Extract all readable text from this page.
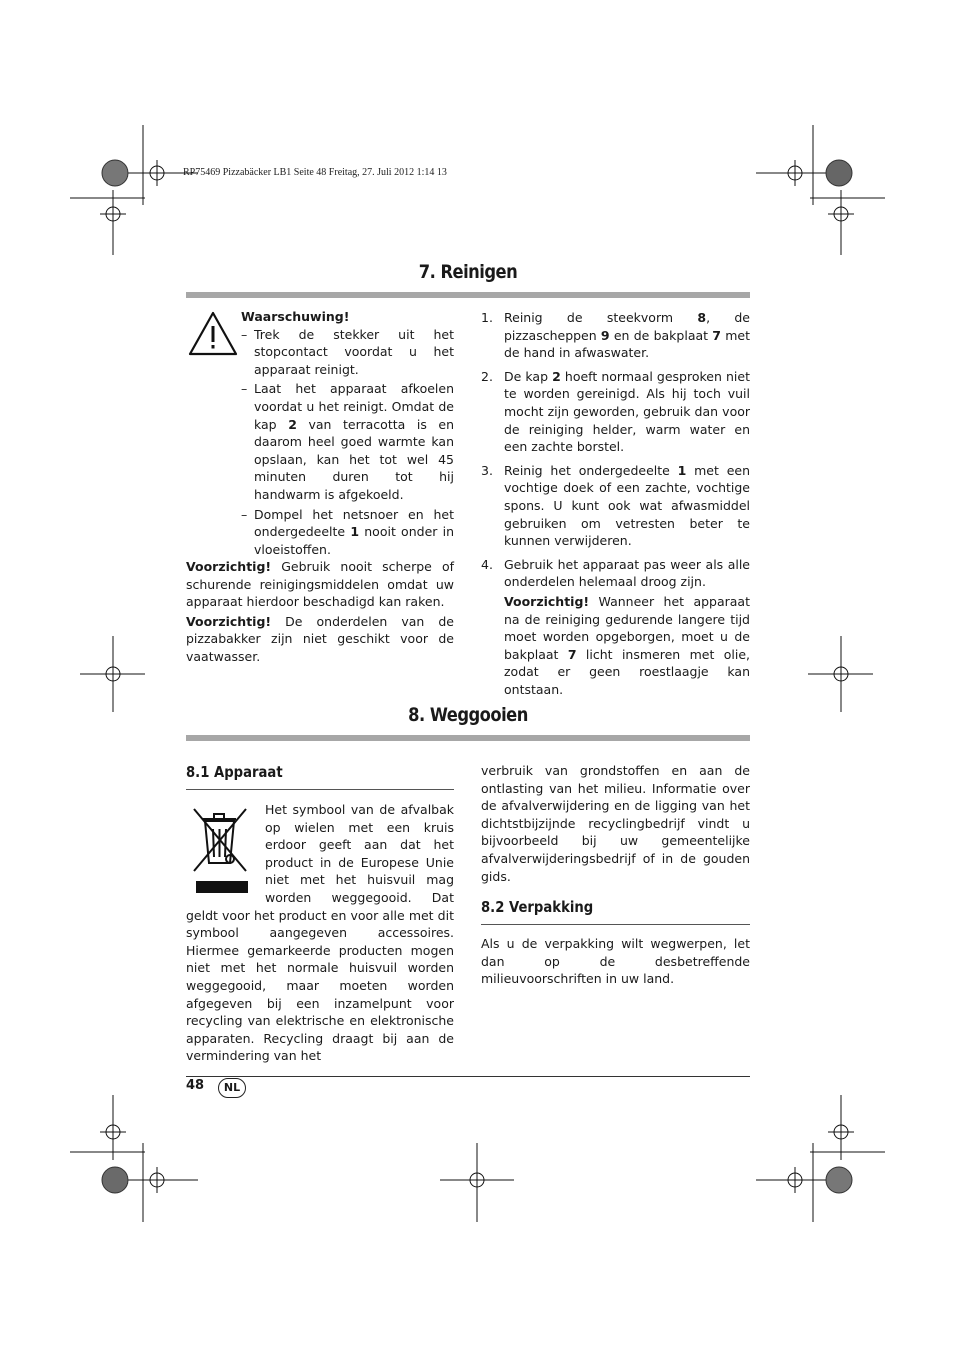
RP75469 Pizzabäcker LB1 Seite 48 Freitag, 27. Juli 2012 1:14 13
7. Reinigen
Waarschuwing!
– Trek de stekker uit het stopcontact voordat u het apparaat reinigt.
– Laat het apparaat afkoelen voordat u het reinigt. Omdat de kap 2 van terracotta is en daarom heel goed warmte kan opslaan, kan het tot wel 45 minuten duren tot hij handwarm is afgekoeld.
– Dompel het netsnoer en het ondergedeelte 1 nooit onder in vloeistoffen.

Voorzichtig! Gebruik nooit scherpe of schurende reinigingsmiddelen omdat uw apparaat hierdoor beschadigd kan raken.

Voorzichtig! De onderdelen van de pizzabakker zijn niet geschikt voor de vaatwasser.

1. Reinig de steekvorm 8, de pizzascheppen 9 en de bakplaat 7 met de hand in afwaswater.
2. De kap 2 hoeft normaal gesproken niet te worden gereinigd. Als hij toch vuil mocht zijn geworden, gebruik dan voor de reiniging helder, warm water en een zachte borstel.
3. Reinig het ondergedeelte 1 met een vochtige doek of een zachte, vochtige spons. U kunt ook wat afwasmiddel gebruiken om vetresten beter te kunnen verwijderen.
4. Gebruik het apparaat pas weer als alle onderdelen helemaal droog zijn.

Voorzichtig! Wanneer het apparaat na de reiniging gedurende langere tijd moet worden opgeborgen, moet u de bakplaat 7 licht insmeren met olie, zodat er geen roestlaagje kan ontstaan.

8. Weggooien
8.1 Apparaat

Het symbool van de afvalbak op wielen met een kruis erdoor geeft aan dat het product in de Europese Unie niet met het huisvuil mag worden weggegooid. Dat geldt voor het product en voor alle met dit symbool aangegeven accessoires. Hiermee gemarkeerde producten mogen niet met het normale huisvuil worden weggegooid, maar moeten worden afgegeven bij een inzamelpunt voor recycling van elektrische en elektronische apparaten. Recycling draagt bij aan de vermindering van het

verbruik van grondstoffen en aan de ontlasting van het milieu. Informatie over de afvalverwijdering en de ligging van het dichtstbijzijnde recyclingbedrijf vindt u bijvoorbeeld bij uw gemeentelijke afvalverwijderingsbedrijf of in de gouden gids.

8.2 Verpakking

Als u de verpakking wilt wegwerpen, let dan op de desbetreffende milieuvoorschriften in uw land.

48	NL
